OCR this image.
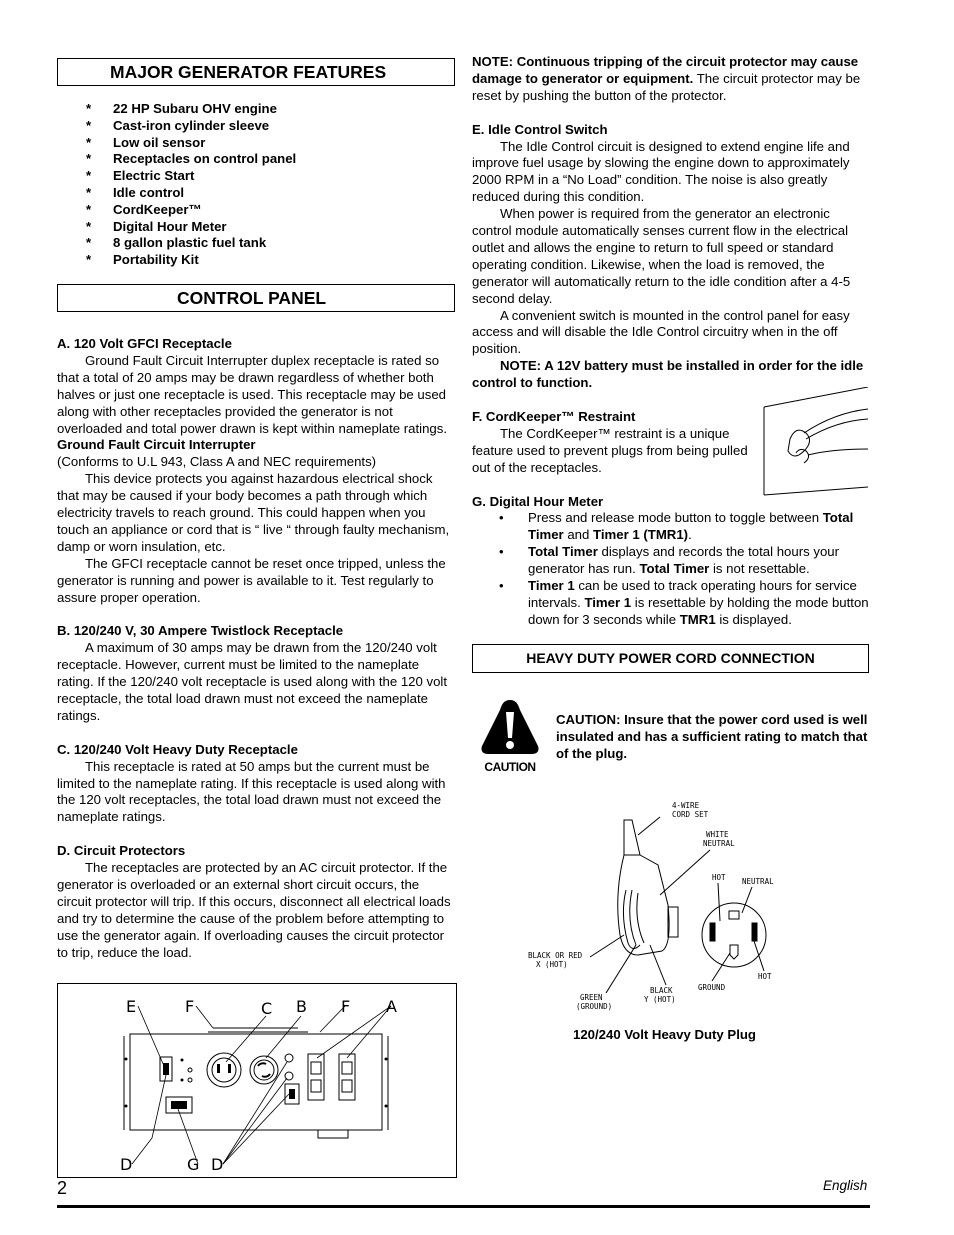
MAJOR GENERATOR FEATURES
* 22 HP Subaru OHV engine
* Cast-iron cylinder sleeve
* Low oil sensor
* Receptacles on control panel
* Electric Start
* Idle control
* CordKeeper™
* Digital Hour Meter
* 8 gallon plastic fuel tank
* Portability Kit
CONTROL PANEL

A. 120 Volt GFCI Receptacle

Ground Fault Circuit Interrupter duplex receptacle is rated so that a total of 20 amps may be drawn regardless of whether both halves or just one receptacle is used. This receptacle may be used along with other receptacles provided the generator is not overloaded and total power drawn is kept within nameplate ratings.

Ground Fault Circuit Interrupter

(Conforms to U.L 943, Class A and NEC requirements)

This device protects you against hazardous electrical shock that may be caused if your body becomes a path through which electricity travels to reach ground. This could happen when you touch an appliance or cord that is “ live “ through faulty mechanism, damp or worn insulation, etc.

The GFCI receptacle cannot be reset once tripped, unless the generator is running and power is available to it. Test regularly to assure proper operation.

B. 120/240 V, 30 Ampere Twistlock Receptacle

A maximum of 30 amps may be drawn from the 120/240 volt receptacle. However, current must be limited to the nameplate rating. If the 120/240 volt receptacle is used along with the 120 volt receptacle, the total load drawn must not exceed the nameplate ratings.

C. 120/240 Volt Heavy Duty Receptacle

This receptacle is rated at 50 amps but the current must be limited to the nameplate rating. If this receptacle is used along with the 120 volt receptacles, the total load drawn must not exceed the nameplate ratings.

D. Circuit Protectors

The receptacles are protected by an AC circuit protector. If the generator is overloaded or an external short circuit occurs, the circuit protector will trip. If this occurs, disconnect all electrical loads and try to determine the cause of the problem before attempting to use the generator again. If overloading causes the circuit protector to trip, reduce the load.

E	F	C B F A
D	G D

NOTE: Continuous tripping of the circuit protector may cause damage to generator or equipment. The circuit protector may be reset by pushing the button of the protector.

E. Idle Control Switch

The Idle Control circuit is designed to extend engine life and improve fuel usage by slowing the engine down to approximately 2000 RPM in a “No Load” condition. The noise is also greatly reduced during this condition.

When power is required from the generator an electronic control module automatically senses current flow in the electrical outlet and allows the engine to return to full speed or standard operating condition. Likewise, when the load is removed, the generator will automatically return to the idle condition after a 4-5 second delay.

A convenient switch is mounted in the control panel for easy access and will disable the Idle Control circuitry when in the off position.

NOTE: A 12V battery must be installed in order for the idle control to function.

F. CordKeeper™ Restraint

The CordKeeper™ restraint is a unique feature used to prevent plugs from being pulled out of the receptacles.

G. Digital Hour Meter

• Press and release mode button to toggle between Total Timer and Timer 1 (TMR1).
• Total Timer displays and records the total hours your generator has run. Total Timer is not resettable.
• Timer 1 can be used to track operating hours for service intervals. Timer 1 is resettable by holding the mode button down for 3 seconds while TMR1 is displayed.
HEAVY DUTY POWER CORD CONNECTION
CAUTION

CAUTION: Insure that the power cord used is well insulated and has a sufficient rating to match that of the plug.

4-WIRE
CORD SET
WHITE
NEUTRAL
HOT NEUTRAL
BLACK OR RED
X (HOT)
HOT
GREEN
(GROUND)
BLACK
Y (HOT)
GROUND

120/240 Volt Heavy Duty Plug

2	English
